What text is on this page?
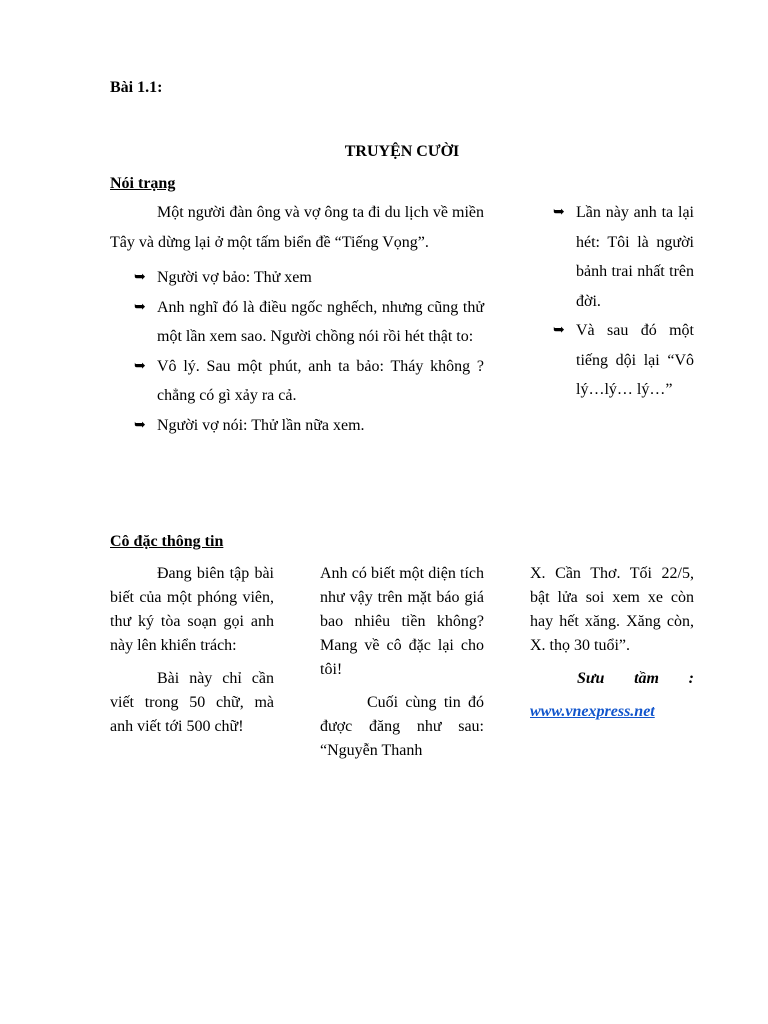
Bài 1.1:
TRUYỆN CƯỜI
Nói trạng

Một người đàn ông và vợ ông ta đi du lịch về miền Tây và dừng lại ở một tấm biển đề “Tiếng Vọng”.

➥ Người vợ bảo: Thử xem
➥ Anh nghĩ đó là điều ngốc nghếch, nhưng cũng thử một lần xem sao. Người chồng nói rồi hét thật to:
➥ Vô lý. Sau một phút, anh ta bảo: Tháy không ? chẳng có gì xảy ra cả.
➥ Người vợ nói: Thử lần nữa xem.
➥ Lần này anh ta lại hét: Tôi là người bảnh trai nhất trên đời.
➥ Và sau đó một tiếng dội lại “Vô lý…lý… lý…”
Cô đặc thông tin

Đang biên tập bài biết của một phóng viên, thư ký tòa soạn gọi anh này lên khiển trách:

Bài này chỉ cần viết trong 50 chữ, mà anh viết tới 500 chữ!

Anh có biết một diện tích như vậy trên mặt báo giá bao nhiêu tiền không? Mang về cô đặc lại cho tôi!

Cuối cùng tin đó được đăng như sau: “Nguyễn Thanh

X. Cần Thơ. Tối 22/5, bật lửa soi xem xe còn hay hết xăng. Xăng còn, X. thọ 30 tuổi”.

Sưu tầm :

www.vnexpress.net
